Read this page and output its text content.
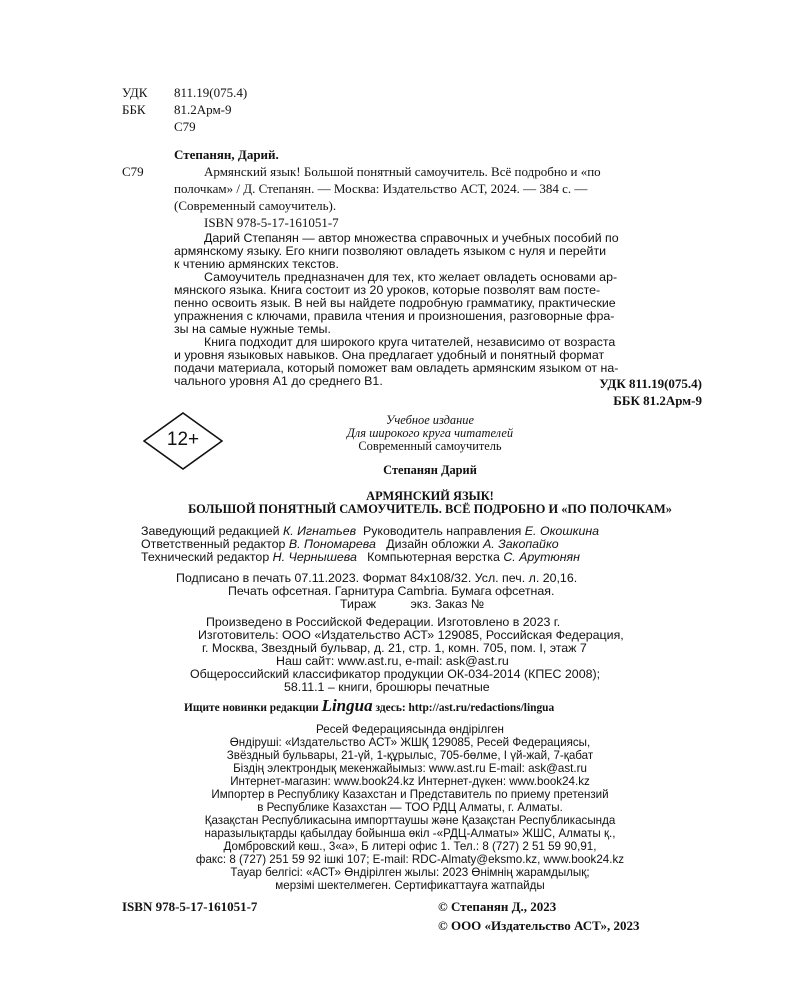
УДК 811.19(075.4)
ББК 81.2Арм-9
С79
Степанян, Дарий.
С79	Армянский язык! Большой понятный самоучитель. Всё подробно и «по
полочкам» / Д. Степанян. — Москва: Издательство АСТ, 2024. — 384 с. —
(Современный самоучитель).
ISBN 978-5-17-161051-7
Дарий Степанян — автор множества справочных и учебных пособий по
армянскому языку. Его книги позволяют овладеть языком с нуля и перейти
к чтению армянских текстов.
Самоучитель предназначен для тех, кто желает овладеть основами ар-
мянского языка. Книга состоит из 20 уроков, которые позволят вам посте-
пенно освоить язык. В ней вы найдете подробную грамматику, практические
упражнения с ключами, правила чтения и произношения, разговорные фра-
зы на самые нужные темы.
Книга подходит для широкого круга читателей, независимо от возраста
и уровня языковых навыков. Она предлагает удобный и понятный формат
подачи материала, который поможет вам овладеть армянским языком от на-
чального уровня А1 до среднего В1.	УДК 811.19(075.4)
ББК 81.2Арм-9
12+
Учебное издание
Для широкого круга читателей
Современный самоучитель
Степанян Дарий
АРМЯНСКИЙ ЯЗЫК!
БОЛЬШОЙ ПОНЯТНЫЙ САМОУЧИТЕЛЬ. ВСЁ ПОДРОБНО И «ПО ПОЛОЧКАМ»
Заведующий редакцией К. Игнатьев Руководитель направления Е. Окошкина
Ответственный редактор В. Пономарева Дизайн обложки А. Закопайко
Технический редактор Н. Чернышева Компьютерная верстка С. Арутюнян
Подписано в печать 07.11.2023. Формат 84x108/32. Усл. печ. л. 20,16.
Печать офсетная. Гарнитура Cambria. Бумага офсетная.
Тираж          экз. Заказ №
Произведено в Российской Федерации. Изготовлено в 2023 г.
Изготовитель: ООО «Издательство АСТ» 129085, Российская Федерация,
г. Москва, Звездный бульвар, д. 21, стр. 1, комн. 705, пом. I, этаж 7
Наш сайт: www.ast.ru, e-mail: ask@ast.ru
Общероссийский классификатор продукции ОК-034-2014 (КПЕС 2008);
58.11.1 – книги, брошюры печатные
Ищите новинки редакции Lingua здесь: http://ast.ru/redactions/lingua
Ресей Федерациясында өндірілген
Өндіруші: «Издательство АСТ» ЖШҚ 129085, Ресей Федерациясы,
Звёздный бульвары, 21-үй, 1-құрылыс, 705-бөлме, I үй-жай, 7-қабат
Біздің электрондық мекенжайымыз: www.ast.ru E-mail: ask@ast.ru
Интернет-магазин: www.book24.kz Интернет-дүкен: www.book24.kz
Импортер в Республику Казахстан и Представитель по приему претензий
в Республике Казахстан — ТОО РДЦ Алматы, г. Алматы.
Қазақстан Республикасына импорттаушы және Қазақстан Республикасында
наразылықтарды қабылдау бойынша өкіл -«РДЦ-Алматы» ЖШС, Алматы қ.,
Домбровский көш., 3«а», Б литері офис 1. Тел.: 8 (727) 2 51 59 90,91,
факс: 8 (727) 251 59 92 ішкі 107; E-mail: RDC-Almaty@eksmo.kz, www.book24.kz
Тауар белгісі: «АСТ» Өндірілген жылы: 2023 Өнімнің жарамдылық;
мерзімі шектелмеген. Сертификаттауға жатпайды
ISBN 978-5-17-161051-7	© Степанян Д., 2023
© ООО «Издательство АСТ», 2023
